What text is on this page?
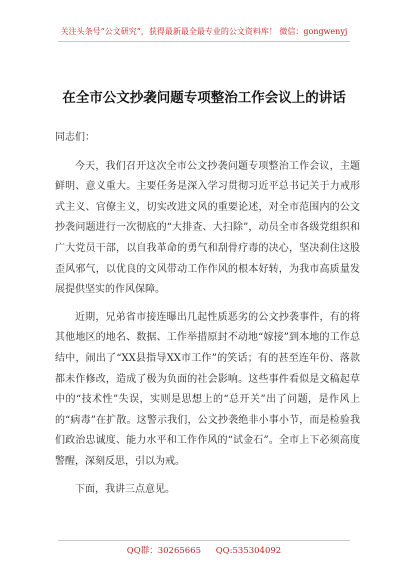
关注头条号“公文研究”，获得最新最全最专业的公文资料库！ 微信：gongwenyj
在全市公文抄袭问题专项整治工作会议上的讲话

同志们：

今天，我们召开这次全市公文抄袭问题专项整治工作会议，主题鲜明、意义重大。主要任务是深入学习贯彻习近平总书记关于力戒形式主义、官僚主义，切实改进文风的重要论述，对全市范围内的公文抄袭问题进行一次彻底的“大排查、大扫除”，动员全市各级党组织和广大党员干部，以自我革命的勇气和刮骨疗毒的决心，坚决刹住这股歪风邪气，以优良的文风带动工作作风的根本好转，为我市高质量发展提供坚实的作风保障。

近期，兄弟省市接连曝出几起性质恶劣的公文抄袭事件，有的将其他地区的地名、数据、工作举措原封不动地“嫁接”到本地的工作总结中，闹出了“XX县指导XX市工作”的笑话；有的甚至连年份、落款都未作修改，造成了极为负面的社会影响。这些事件看似是文稿起草中的“技术性”失误，实则是思想上的“总开关”出了问题，是作风上的“病毒”在扩散。这警示我们，公文抄袭绝非小事小节，而是检验我们政治忠诚度、能力水平和工作作风的“试金石”。全市上下必须高度警醒，深刻反思，引以为戒。

下面，我讲三点意见。

QQ群：30265665 QQ:535304092
